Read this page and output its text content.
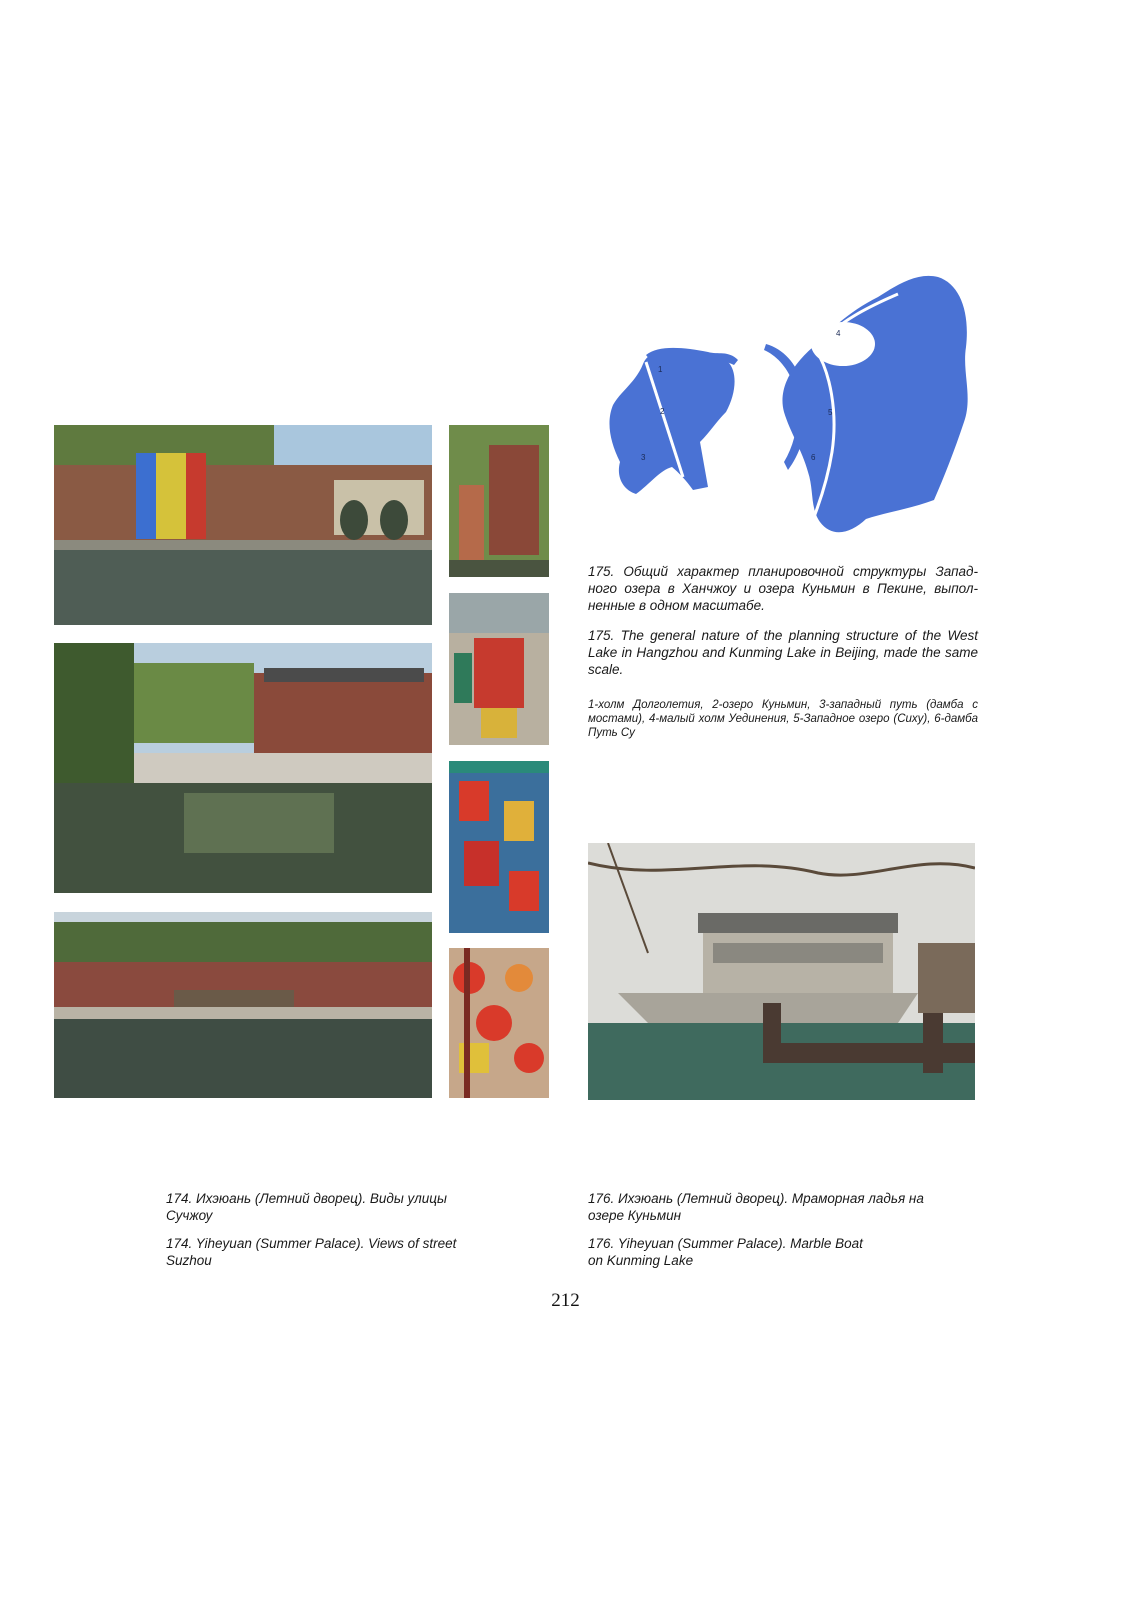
1
2
3
4
5
6

175. Общий характер планировочной структуры Запад- ного озера в Ханчжоу и озера Куньмин в Пекине, выпол- ненные в одном масштабе.

175. The general nature of the planning structure of the West Lake in Hangzhou and Kunming Lake in Beijing, made the same scale.

1-холм Долголетия, 2-озеро Куньмин, 3-западный путь (дамба с мостами), 4-малый холм Уединения, 5-Западное озеро (Сиху), 6-дамба Путь Су

174. Ихэюань (Летний дворец). Виды улицы
Сучжоу
174. Yiheyuan (Summer Palace). Views of street
Suzhou
176. Ихэюань (Летний дворец). Мраморная ладья на
озере Куньмин
176. Yiheyuan (Summer Palace). Marble Boat
on Kunming Lake
212
